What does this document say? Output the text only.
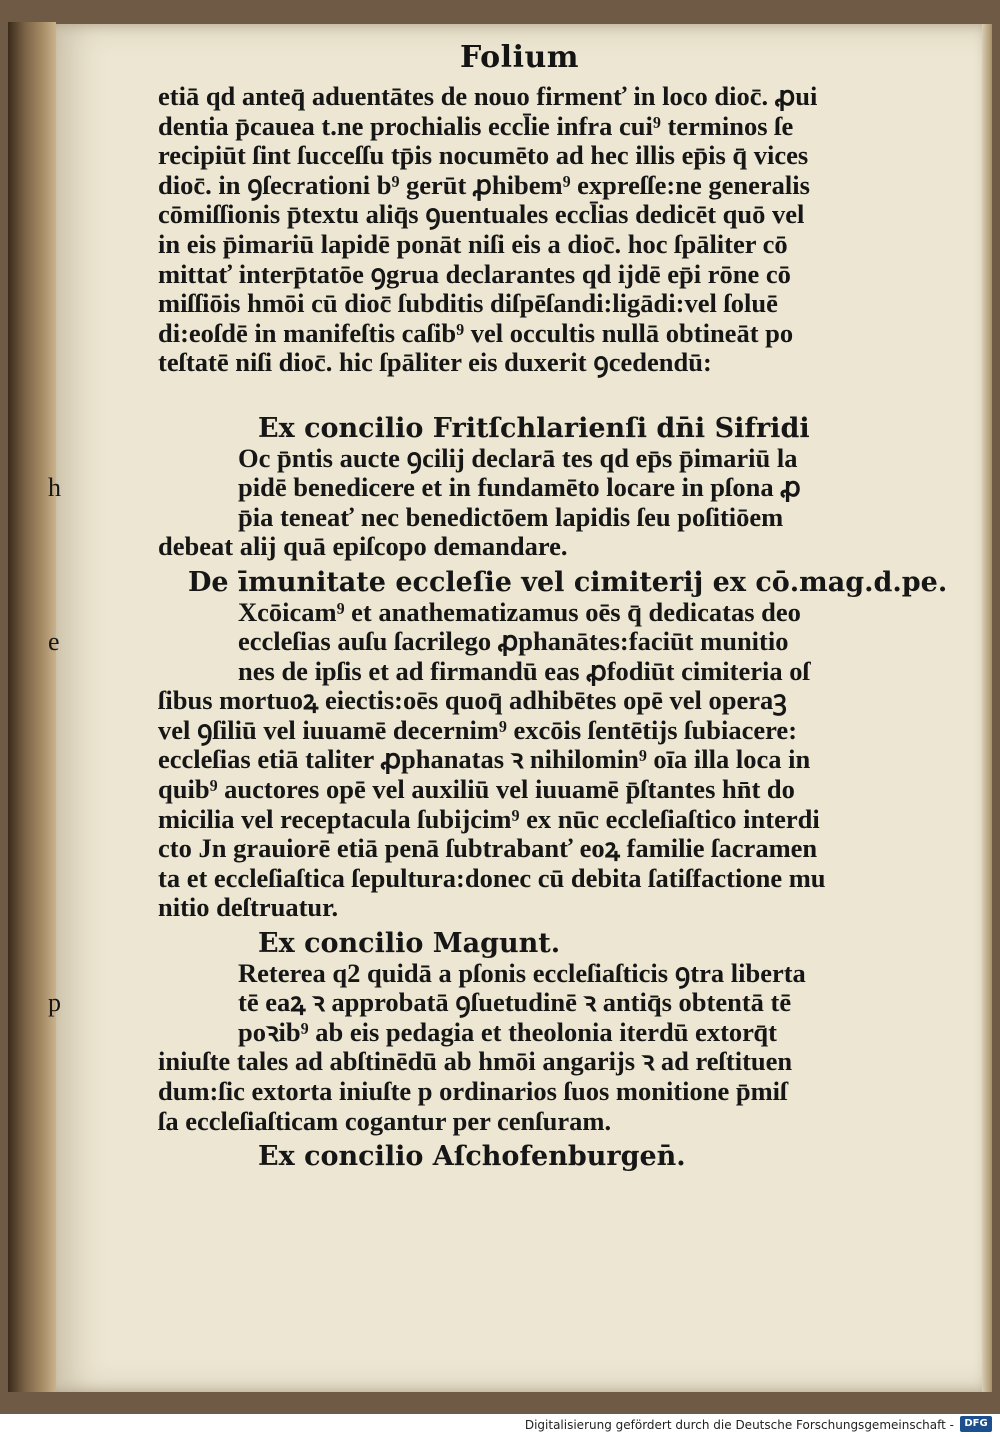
Folium
etiā qd anteq̄ aduentātes de nouo firmenť in loco dioc̄. ꝓui
dentia p̄cauea t.ne prochialis eccl̄ie infra cui⁹ terminos ſe
recipiūt ſint ſucceſſu tp̄is nocumēto ad hec illis ep̄is q̄ vices
dioc̄. in ꝯſecrationi b⁹ gerūt ꝓhibem⁹ expreſſe:ne generalis
cōmiſſionis p̄textu aliq̄s ꝯuentuales eccl̄ias dedicēt quō vel
in eis p̄imariū lapidē ponāt niſi eis a dioc̄. hoc ſpāliter cō
mittať interp̄tatōe ꝯgrua declarantes qd ijdē ep̄i rōne cō
miſſiōis hmōi cū dioc̄ ſubditis diſpēſandi:ligādi:vel ſoluē
di:eoſdē in manifeſtis caſib⁹ vel occultis nullā obtineāt po
teſtatē niſi dioc̄. hic ſpāliter eis duxerit ꝯcedendū:
Ex concilio Fritſchlarienſi dn̄i Sifridi
h
Oc p̄ntis aucte ꝯcilij declarā tes qd ep̄s p̄imariū la
pidē benedicere et in fundamēto locare in pſona ꝓ
p̄ia teneať nec benedictōem lapidis ſeu poſitiōem
debeat alij quā epiſcopo demandare.
De īmunitate eccleſie vel cimiterij ex cō.mag.d.pe.
e
Xcōicam⁹ et anathematizamus oēs q̄ dedicatas deo
eccleſias auſu ſacrilego ꝓphanātes:faciūt munitio
nes de ipſis et ad firmandū eas ꝓfodiūt cimiteria oſ
ſibus mortuoꝝ eiectis:oēs quoq̄ adhibētes opē vel operaꝫ
vel ꝯſiliū vel iuuamē decernim⁹ excōis ſentētijs ſubiacere:
eccleſias etiā taliter ꝓphanatas ꝛ nihilomin⁹ oīa illa loca in
quib⁹ auctores opē vel auxiliū vel iuuamē p̄ſtantes hn̄t do
micilia vel receptacula ſubijcim⁹ ex nūc eccleſiaſtico interdi
cto Jn grauiorē etiā penā ſubtrabanť eoꝝ familie ſacramen
ta et eccleſiaſtica ſepultura:donec cū debita ſatiſfactione mu
nitio deſtruatur.
Ex concilio Magunt.
p
Reterea q2 quidā a pſonis eccleſiaſticis ꝯtra liberta
tē eaꝝ ꝛ approbatā ꝯſuetudinē ꝛ antiq̄s obtentā tē
poꝛib⁹ ab eis pedagia et theolonia iterdū extorq̄t
iniuſte tales ad abſtinēdū ab hmōi angarijs ꝛ ad reſtituen
dum:ſic extorta iniuſte p ordinarios ſuos monitione p̄miſ
ſa eccleſiaſticam cogantur per cenſuram.
Ex concilio Aſchofenburgen̄.
Digitalisierung gefördert durch die Deutsche Forschungsgemeinschaft -	DFG
